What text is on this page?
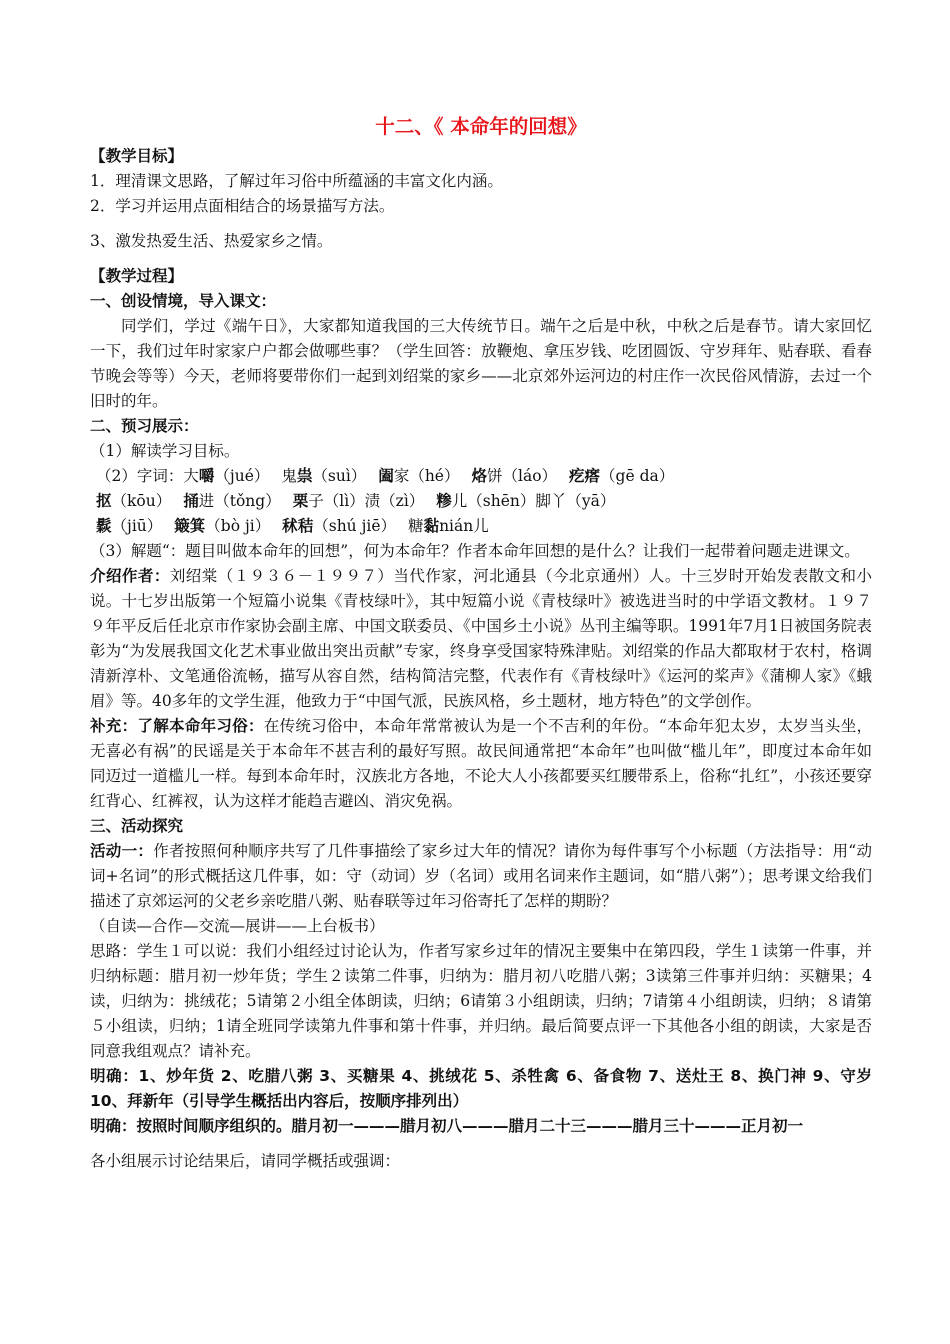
十二、《 本命年的回想》
【教学目标】
1．理清课文思路，了解过年习俗中所蕴涵的丰富文化内涵。
2．学习并运用点面相结合的场景描写方法。
3、激发热爱生活、热爱家乡之情。
【教学过程】
一、创设情境，导入课文：
同学们，学过《端午日》，大家都知道我国的三大传统节日。端午之后是中秋，中秋之后是春节。请大家回忆一下，我们过年时家家户户都会做哪些事？（学生回答：放鞭炮、拿压岁钱、吃团圆饭、守岁拜年、贴春联、看春节晚会等等）今天，老师将要带你们一起到刘绍棠的家乡——北京郊外运河边的村庄作一次民俗风情游，去过一个旧时的年。
二、预习展示：
（1）解读学习目标。
（2）字词：大嚼（jué） 鬼祟（suì） 阖家（hé） 烙饼（láo） 疙瘩（gē da）
抠（kōu） 捅进（tǒng） 栗子（lì）渍（zì） 糁儿（shēn）脚丫（yā）
鬏（jiū） 簸箕（bò ji） 秫秸（shú jiē） 糖黏nián儿
（3）解题“：题目叫做本命年的回想”，何为本命年？作者本命年回想的是什么？让我们一起带着问题走进课文。
介绍作者：刘绍棠（１９３６－１９９７）当代作家，河北通县（今北京通州）人。十三岁时开始发表散文和小说。十七岁出版第一个短篇小说集《青枝绿叶》，其中短篇小说《青枝绿叶》被选进当时的中学语文教材。１９７９年平反后任北京市作家协会副主席、中国文联委员、《中国乡土小说》丛刊主编等职。1991年7月1日被国务院表彰为“为发展我国文化艺术事业做出突出贡献”专家，终身享受国家特殊津贴。刘绍棠的作品大都取材于农村，格调清新淳朴、文笔通俗流畅，描写从容自然，结构简洁完整，代表作有《青枝绿叶》《运河的桨声》《蒲柳人家》《蛾眉》等。40多年的文学生涯，他致力于“中国气派，民族风格，乡土题材，地方特色”的文学创作。
补充：了解本命年习俗：在传统习俗中，本命年常常被认为是一个不吉利的年份。“本命年犯太岁，太岁当头坐，无喜必有祸”的民谣是关于本命年不甚吉利的最好写照。故民间通常把“本命年”也叫做“槛儿年”，即度过本命年如同迈过一道槛儿一样。每到本命年时，汉族北方各地，不论大人小孩都要买红腰带系上，俗称“扎红”，小孩还要穿红背心、红裤衩，认为这样才能趋吉避凶、消灾免祸。
三、活动探究
活动一：作者按照何种顺序共写了几件事描绘了家乡过大年的情况？请你为每件事写个小标题（方法指导：用“动词+名词”的形式概括这几件事，如：守（动词）岁（名词）或用名词来作主题词，如“腊八粥”）；思考课文给我们描述了京郊运河的父老乡亲吃腊八粥、贴春联等过年习俗寄托了怎样的期盼？
（自读—合作—交流—展讲——上台板书）
思路：学生１可以说：我们小组经过讨论认为，作者写家乡过年的情况主要集中在第四段，学生１读第一件事，并归纳标题：腊月初一炒年货；学生２读第二件事，归纳为：腊月初八吃腊八粥；3读第三件事并归纳：买糖果；4读，归纳为：挑绒花；5请第２小组全体朗读，归纳；6请第３小组朗读，归纳；7请第４小组朗读，归纳；８请第５小组读，归纳；1请全班同学读第九件事和第十件事，并归纳。最后简要点评一下其他各小组的朗读，大家是否同意我组观点？请补充。
明确：1、炒年货 2、吃腊八粥 3、买糖果 4、挑绒花 5、杀牲禽 6、备食物 7、送灶王 8、换门神 9、守岁 10、拜新年（引导学生概括出内容后，按顺序排列出）
明确：按照时间顺序组织的。腊月初一———腊月初八———腊月二十三———腊月三十———正月初一
各小组展示讨论结果后，请同学概括或强调：
